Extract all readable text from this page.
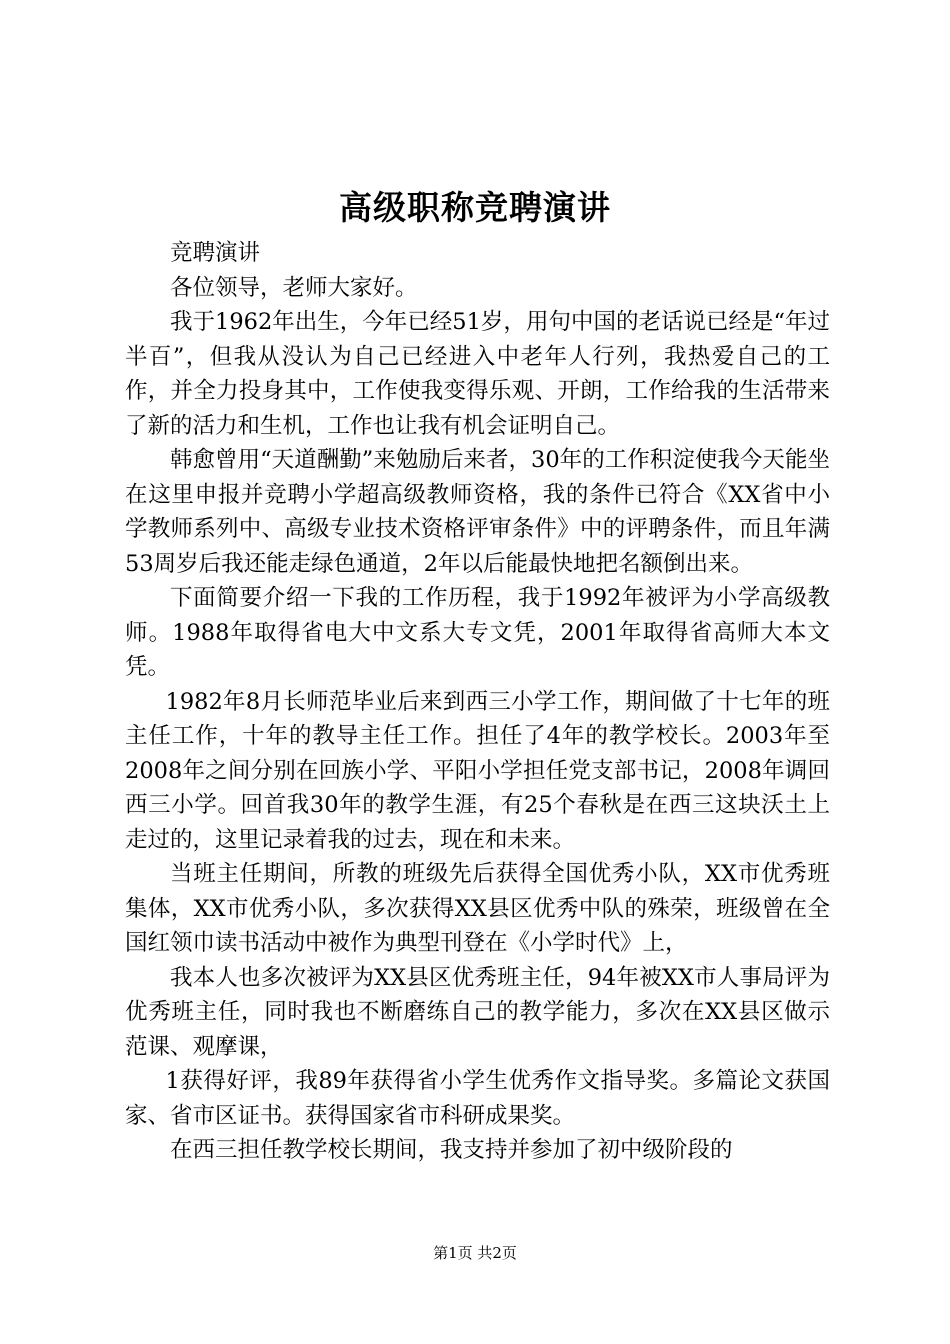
高级职称竞聘演讲

竞聘演讲

各位领导，老师大家好。

我于1962年出生，今年已经51岁，用句中国的老话说已经是“年过半百”，但我从没认为自己已经进入中老年人行列，我热爱自己的工作，并全力投身其中，工作使我变得乐观、开朗，工作给我的生活带来了新的活力和生机，工作也让我有机会证明自己。

韩愈曾用“天道酬勤”来勉励后来者，30年的工作积淀使我今天能坐在这里申报并竞聘小学超高级教师资格，我的条件已符合《XX省中小学教师系列中、高级专业技术资格评审条件》中的评聘条件，而且年满53周岁后我还能走绿色通道，2年以后能最快地把名额倒出来。

下面简要介绍一下我的工作历程，我于1992年被评为小学高级教师。1988年取得省电大中文系大专文凭，2001年取得省高师大本文凭。

1982年8月长师范毕业后来到西三小学工作，期间做了十七年的班主任工作，十年的教导主任工作。担任了4年的教学校长。2003年至2008年之间分别在回族小学、平阳小学担任党支部书记，2008年调回西三小学。回首我30年的教学生涯，有25个春秋是在西三这块沃土上走过的，这里记录着我的过去，现在和未来。

当班主任期间，所教的班级先后获得全国优秀小队，XX市优秀班集体，XX市优秀小队，多次获得XX县区优秀中队的殊荣，班级曾在全国红领巾读书活动中被作为典型刊登在《小学时代》上，

我本人也多次被评为XX县区优秀班主任，94年被XX市人事局评为优秀班主任，同时我也不断磨练自己的教学能力，多次在XX县区做示范课、观摩课，

1获得好评，我89年获得省小学生优秀作文指导奖。多篇论文获国家、省市区证书。获得国家省市科研成果奖。

在西三担任教学校长期间，我支持并参加了初中级阶段的

第1页 共2页
